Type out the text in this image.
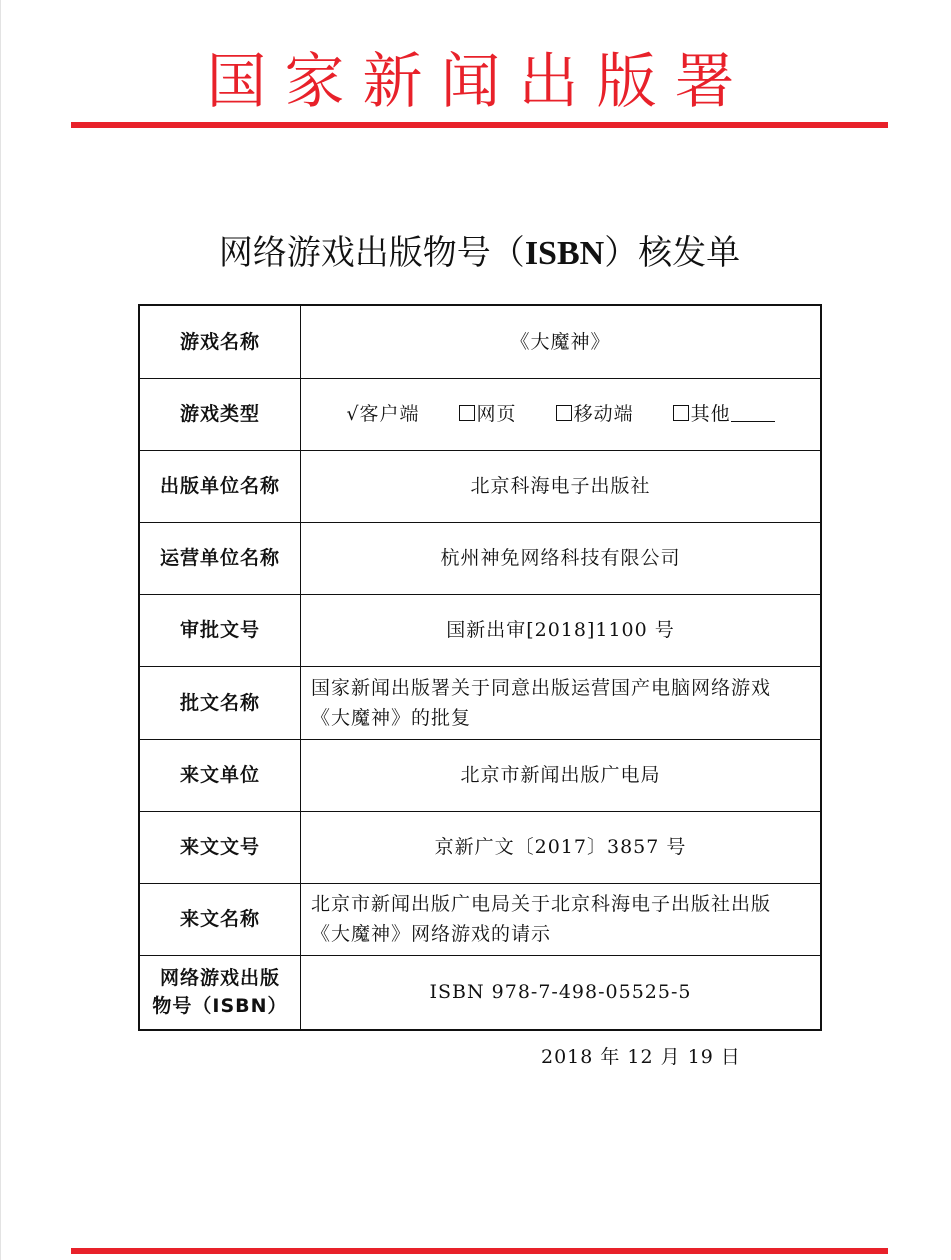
国家新闻出版署
网络游戏出版物号（ISBN）核发单
游戏名称	《大魔神》
游戏类型	√客户端 网页 移动端 其他
出版单位名称	北京科海电子出版社
运营单位名称	杭州神免网络科技有限公司
审批文号	国新出审[2018]1100 号
批文名称	国家新闻出版署关于同意出版运营国产电脑网络游戏《大魔神》的批复
来文单位	北京市新闻出版广电局
来文文号	京新广文〔2017〕3857 号
来文名称	北京市新闻出版广电局关于北京科海电子出版社出版《大魔神》网络游戏的请示
网络游戏出版
物号（ISBN）	ISBN 978-7-498-05525-5
2018 年 12 月 19 日
